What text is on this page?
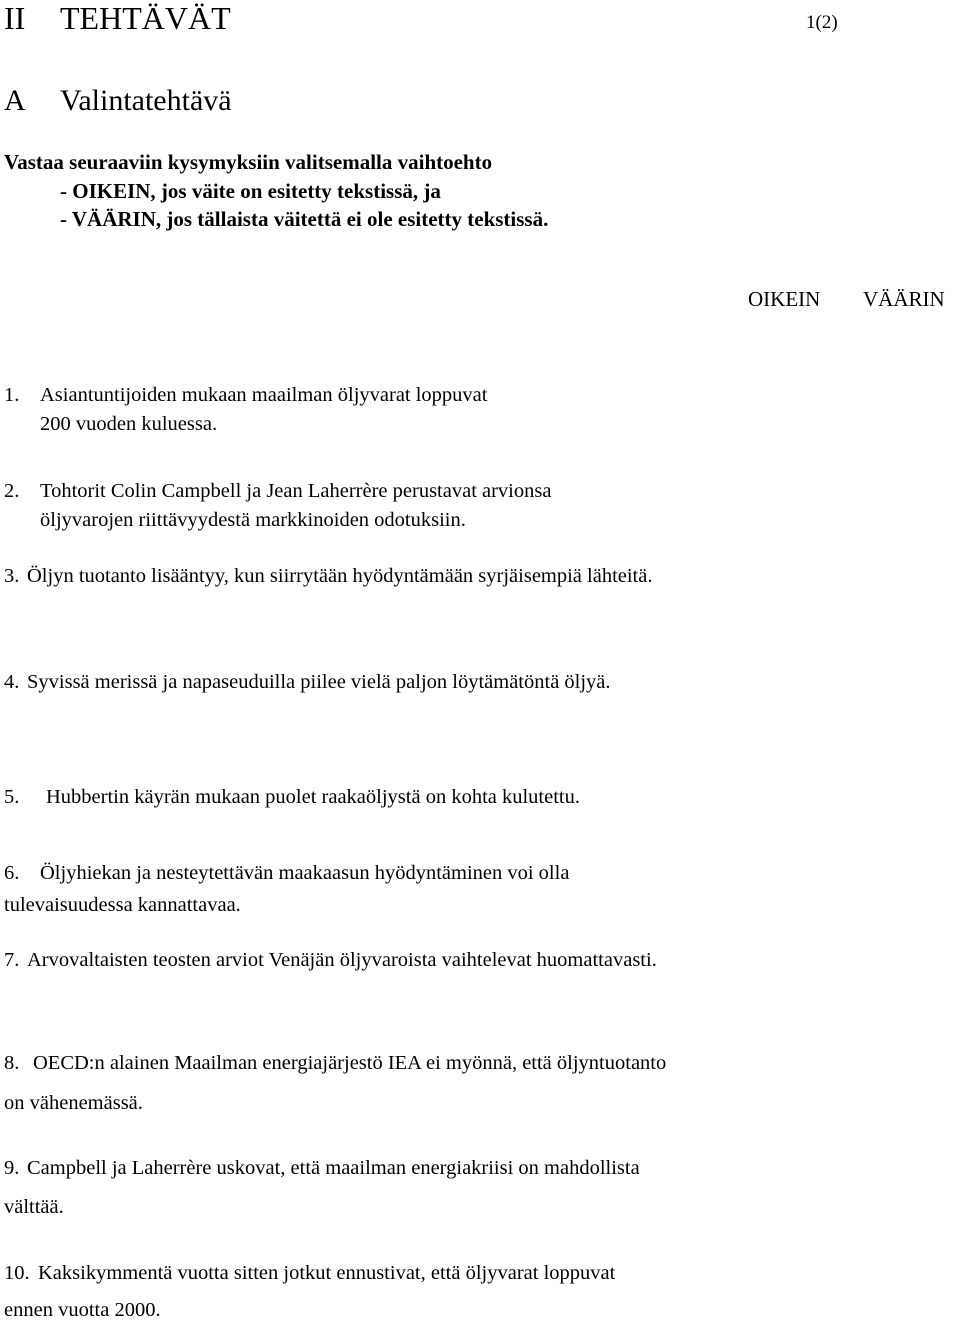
II TEHTÄVÄT	1(2)
A Valintatehtävä
Vastaa seuraaviin kysymyksiin valitsemalla vaihtoehto
- OIKEIN, jos väite on esitetty tekstissä, ja
- VÄÄRIN, jos tällaista väitettä ei ole esitetty tekstissä.
OIKEIN VÄÄRIN
1. Asiantuntijoiden mukaan maailman öljyvarat loppuvat
200 vuoden kuluessa.
2. Tohtorit Colin Campbell ja Jean Laherrère perustavat arvionsa
öljyvarojen riittävyydestä markkinoiden odotuksiin.
3. Öljyn tuotanto lisääntyy, kun siirrytään hyödyntämään syrjäisempiä lähteitä.
4. Syvissä merissä ja napaseuduilla piilee vielä paljon löytämätöntä öljyä.
5. Hubbertin käyrän mukaan puolet raakaöljystä on kohta kulutettu.
6. Öljyhiekan ja nesteytettävän maakaasun hyödyntäminen voi olla
tulevaisuudessa kannattavaa.
7. Arvovaltaisten teosten arviot Venäjän öljyvaroista vaihtelevat huomattavasti.
8. OECD:n alainen Maailman energiajärjestö IEA ei myönnä, että öljyntuotanto
on vähenemässä.
9. Campbell ja Laherrère uskovat, että maailman energiakriisi on mahdollista
välttää.
10. Kaksikymmentä vuotta sitten jotkut ennustivat, että öljyvarat loppuvat
ennen vuotta 2000.
